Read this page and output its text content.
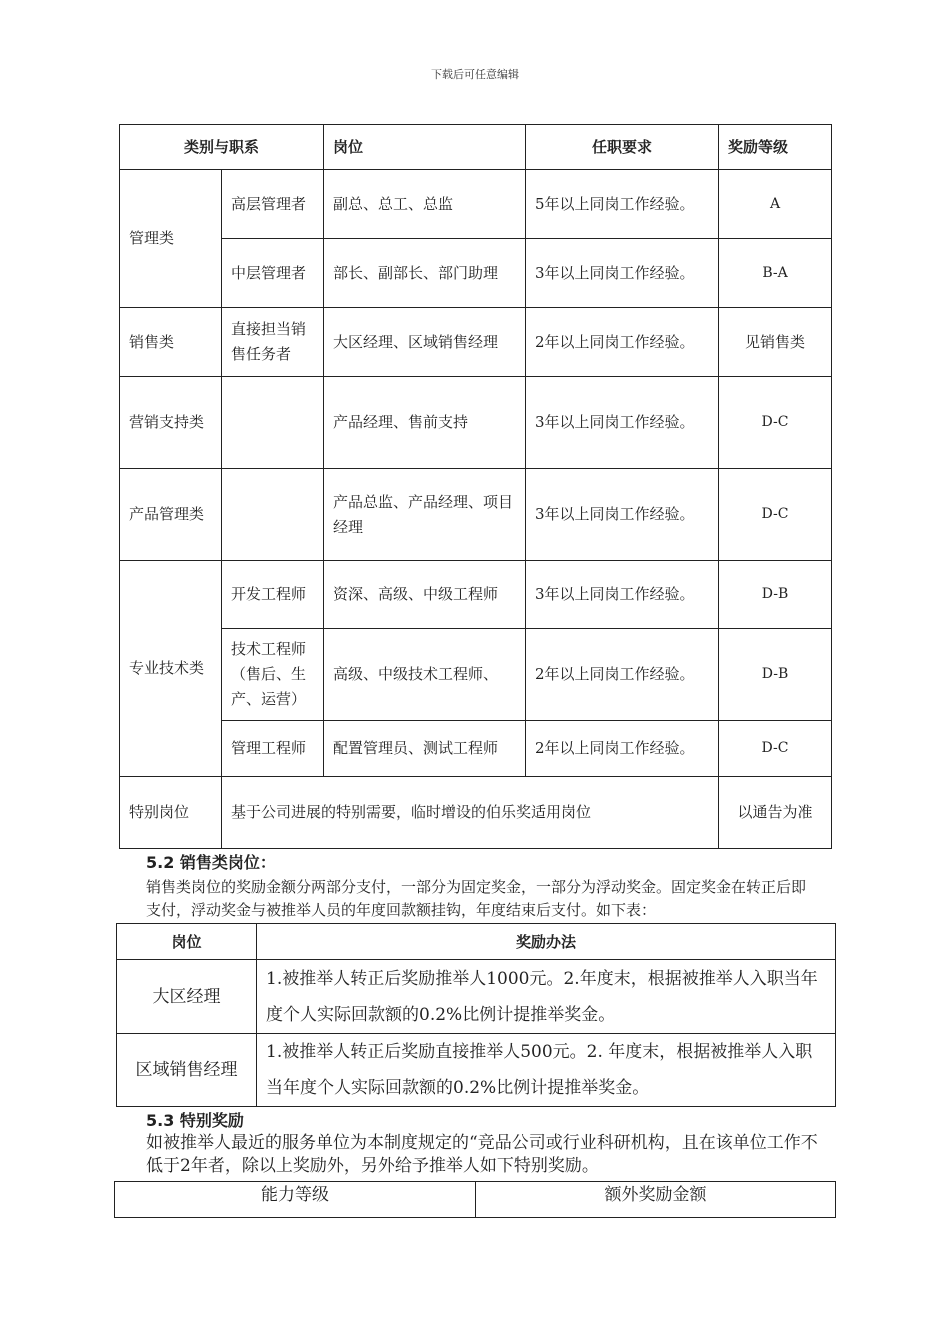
下载后可任意编辑
类别与职系		岗位	任职要求	奖励等级
管理类	高层管理者	副总、总工、总监	5年以上同岗工作经验。	A
	中层管理者	部长、副部长、部门助理	3年以上同岗工作经验。	B-A
销售类	直接担当销售任务者	大区经理、区域销售经理	2年以上同岗工作经验。	见销售类
营销支持类		产品经理、售前支持	3年以上同岗工作经验。	D-C
产品管理类		产品总监、产品经理、项目经理	3年以上同岗工作经验。	D-C
专业技术类	开发工程师	资深、高级、中级工程师	3年以上同岗工作经验。	D-B
	技术工程师（售后、生产、运营）	高级、中级技术工程师、	2年以上同岗工作经验。	D-B
	管理工程师	配置管理员、测试工程师	2年以上同岗工作经验。	D-C
特别岗位	基于公司进展的特别需要，临时增设的伯乐奖适用岗位			以通告为准
5.2 销售类岗位：
销售类岗位的奖励金额分两部分支付，一部分为固定奖金，一部分为浮动奖金。固定奖金在转正后即支付，浮动奖金与被推举人员的年度回款额挂钩，年度结束后支付。如下表：
岗位	奖励办法
大区经理	1.被推举人转正后奖励推举人1000元。2.年度末，根据被推举人入职当年度个人实际回款额的0.2%比例计提推举奖金。
区域销售经理	1.被推举人转正后奖励直接推举人500元。2. 年度末，根据被推举人入职当年度个人实际回款额的0.2%比例计提推举奖金。
5.3 特别奖励
如被推举人最近的服务单位为本制度规定的“竞品公司或行业科研机构，且在该单位工作不低于2年者，除以上奖励外，另外给予推举人如下特别奖励。
能力等级	额外奖励金额
